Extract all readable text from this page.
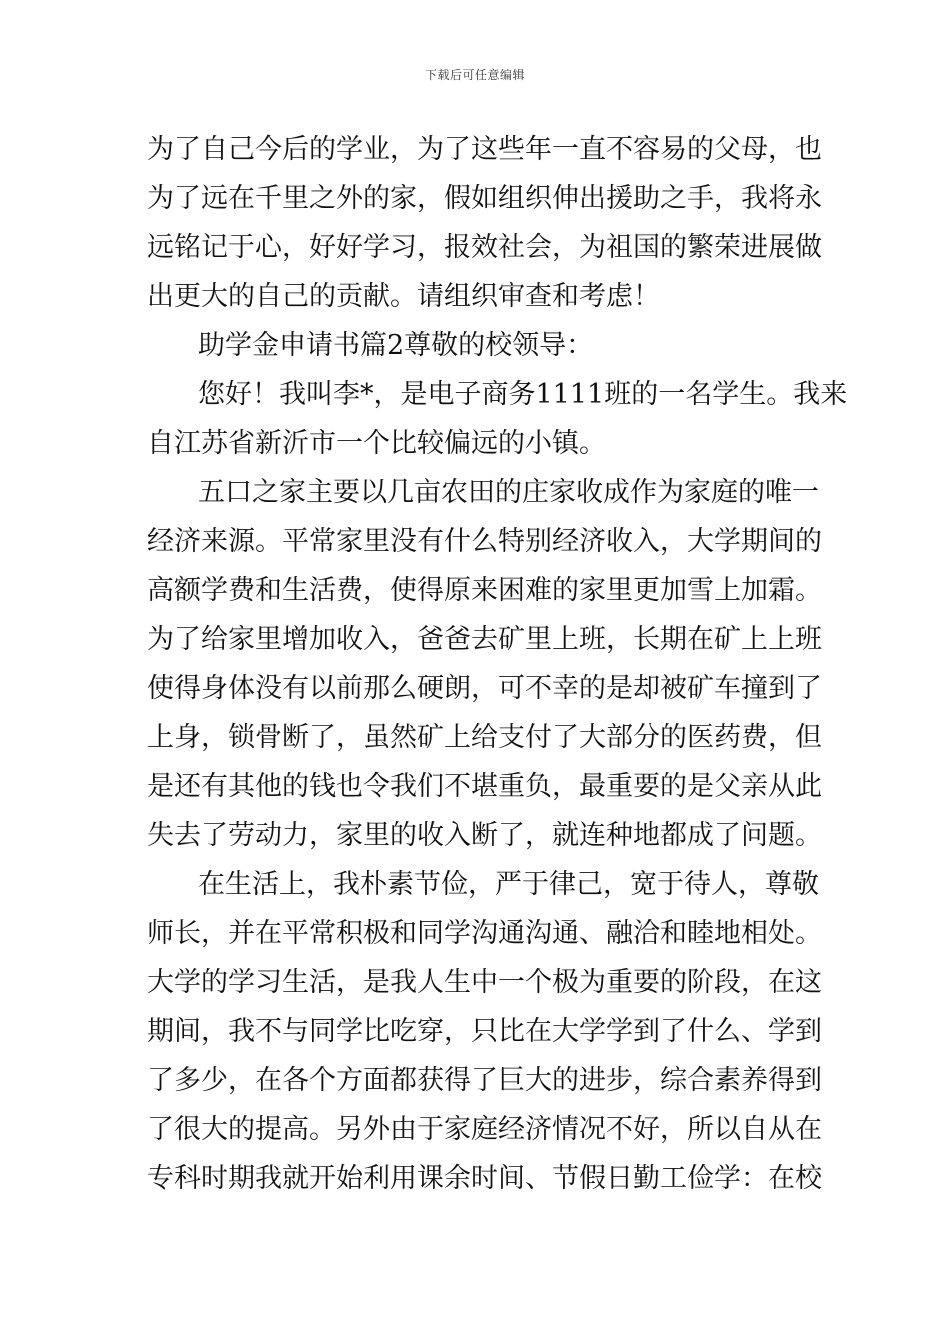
下载后可任意编辑
为了自己今后的学业，为了这些年一直不容易的父母，也
为了远在千里之外的家，假如组织伸出援助之手，我将永
远铭记于心，好好学习，报效社会，为祖国的繁荣进展做
出更大的自己的贡献。请组织审查和考虑！
助学金申请书篇2尊敬的校领导：
您好！我叫李*，是电子商务1111班的一名学生。我来
自江苏省新沂市一个比较偏远的小镇。
五口之家主要以几亩农田的庄家收成作为家庭的唯一
经济来源。平常家里没有什么特别经济收入，大学期间的
高额学费和生活费，使得原来困难的家里更加雪上加霜。
为了给家里增加收入，爸爸去矿里上班，长期在矿上上班
使得身体没有以前那么硬朗，可不幸的是却被矿车撞到了
上身，锁骨断了，虽然矿上给支付了大部分的医药费，但
是还有其他的钱也令我们不堪重负，最重要的是父亲从此
失去了劳动力，家里的收入断了，就连种地都成了问题。
在生活上，我朴素节俭，严于律己，宽于待人，尊敬
师长，并在平常积极和同学沟通沟通、融洽和睦地相处。
大学的学习生活，是我人生中一个极为重要的阶段，在这
期间，我不与同学比吃穿，只比在大学学到了什么、学到
了多少，在各个方面都获得了巨大的进步，综合素养得到
了很大的提高。另外由于家庭经济情况不好，所以自从在
专科时期我就开始利用课余时间、节假日勤工俭学：在校
